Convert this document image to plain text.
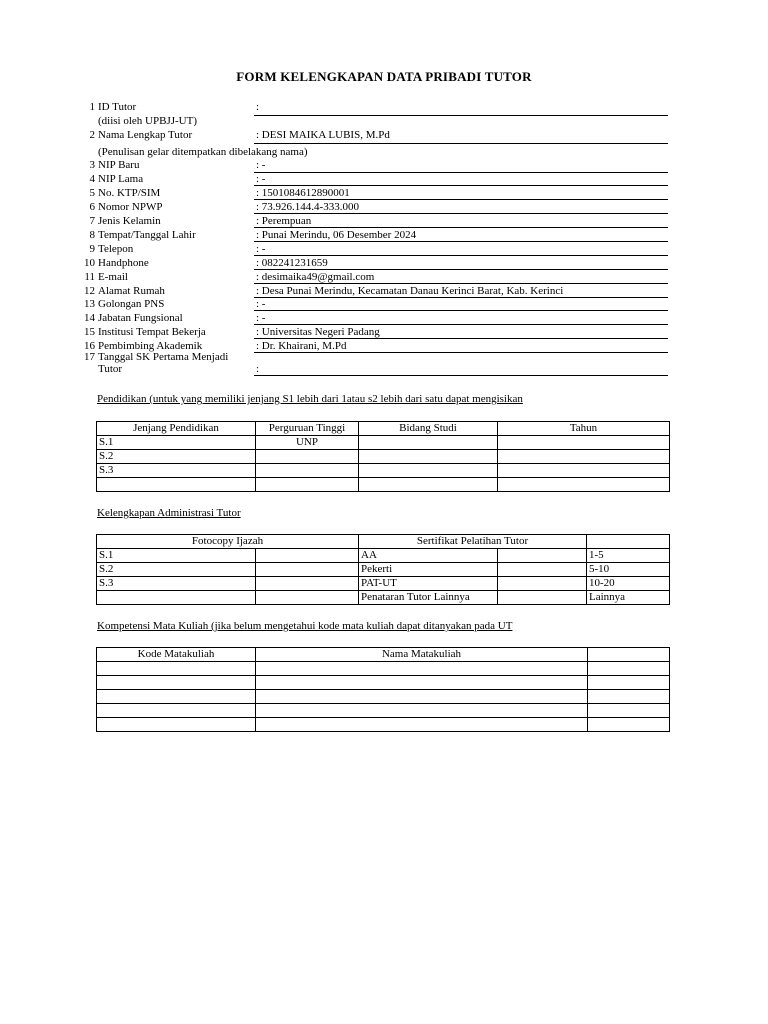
FORM KELENGKAPAN DATA PRIBADI TUTOR
1 ID Tutor	:
(diisi oleh UPBJJ-UT)
2 Nama Lengkap Tutor	: DESI MAIKA LUBIS, M.Pd
(Penulisan gelar ditempatkan dibelakang nama)
3 NIP Baru	: -
4 NIP Lama	: -
5 No. KTP/SIM	: 1501084612890001
6 Nomor NPWP	: 73.926.144.4-333.000
7 Jenis Kelamin	: Perempuan
8 Tempat/Tanggal Lahir	: Punai Merindu, 06 Desember 2024
9 Telepon	: -
10 Handphone	: 082241231659
11 E-mail	: desimaika49@gmail.com
12 Alamat Rumah	: Desa Punai Merindu, Kecamatan Danau Kerinci Barat, Kab. Kerinci
13 Golongan PNS	: -
14 Jabatan Fungsional	: -
15 Institusi Tempat Bekerja	: Universitas Negeri Padang
16 Pembimbing Akademik	: Dr. Khairani, M.Pd
17 Tanggal SK Pertama Menjadi
Tutor	:
Pendidikan (untuk yang memiliki jenjang S1 lebih dari 1atau s2 lebih dari satu dapat mengisikan
Jenjang Pendidikan	Perguruan Tinggi	Bidang Studi	Tahun
S.1	UNP		
S.2			
S.3			

Kelengkapan Administrasi Tutor
Fotocopy Ijazah		Sertifikat Pelatihan Tutor		
S.1		AA		1-5
S.2		Pekerti		5-10
S.3		PAT-UT		10-20
		Penataran Tutor Lainnya		Lainnya
Kompetensi Mata Kuliah (jika belum mengetahui kode mata kuliah dapat ditanyakan pada UT
Kode Matakuliah	Nama Matakuliah	
